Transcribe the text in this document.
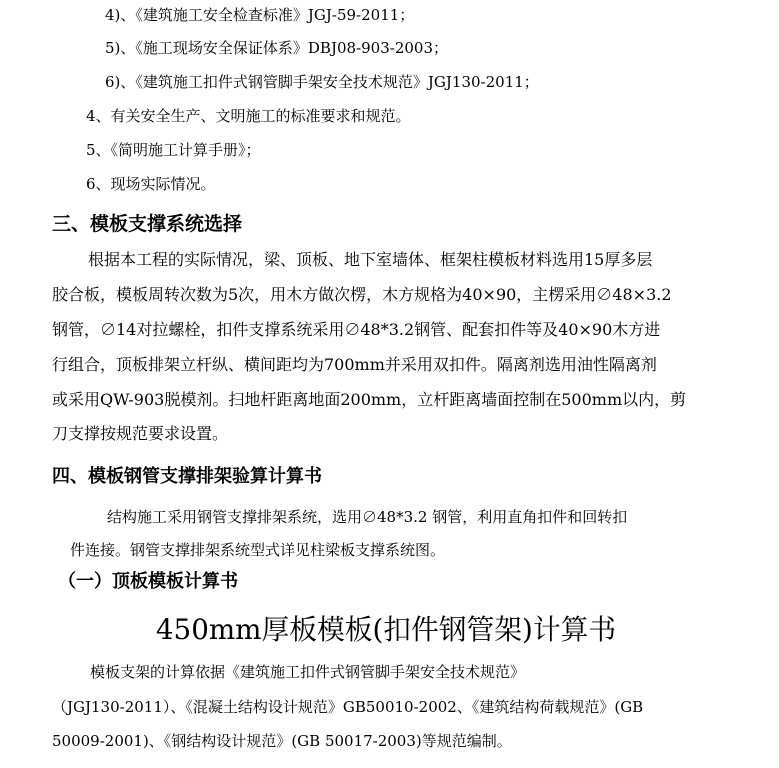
4)、《建筑施工安全检查标准》JGJ-59-2011；
5)、《施工现场安全保证体系》DBJ08-903-2003；
6)、《建筑施工扣件式钢管脚手架安全技术规范》JGJ130-2011；
4、有关安全生产、文明施工的标准要求和规范。
5、《简明施工计算手册》；
6、现场实际情况。
三、模板支撑系统选择
根据本工程的实际情况，梁、顶板、地下室墙体、框架柱模板材料选用15厚多层
胶合板，模板周转次数为5次，用木方做次楞，木方规格为40×90，主楞采用∅48×3.2
钢管，∅14对拉螺栓，扣件支撑系统采用∅48*3.2钢管、配套扣件等及40×90木方进
行组合，顶板排架立杆纵、横间距均为700mm并采用双扣件。隔离剂选用油性隔离剂
或采用QW-903脱模剂。扫地杆距离地面200mm，立杆距离墙面控制在500mm以内，剪
刀支撑按规范要求设置。
四、模板钢管支撑排架验算计算书
结构施工采用钢管支撑排架系统，选用∅48*3.2 钢管，利用直角扣件和回转扣
件连接。钢管支撑排架系统型式详见柱梁板支撑系统图。
（一）顶板模板计算书
450mm厚板模板(扣件钢管架)计算书
模板支架的计算依据《建筑施工扣件式钢管脚手架安全技术规范》
（JGJ130-2011）、《混凝土结构设计规范》GB50010-2002、《建筑结构荷载规范》(GB
50009-2001)、《钢结构设计规范》(GB 50017-2003)等规范编制。
